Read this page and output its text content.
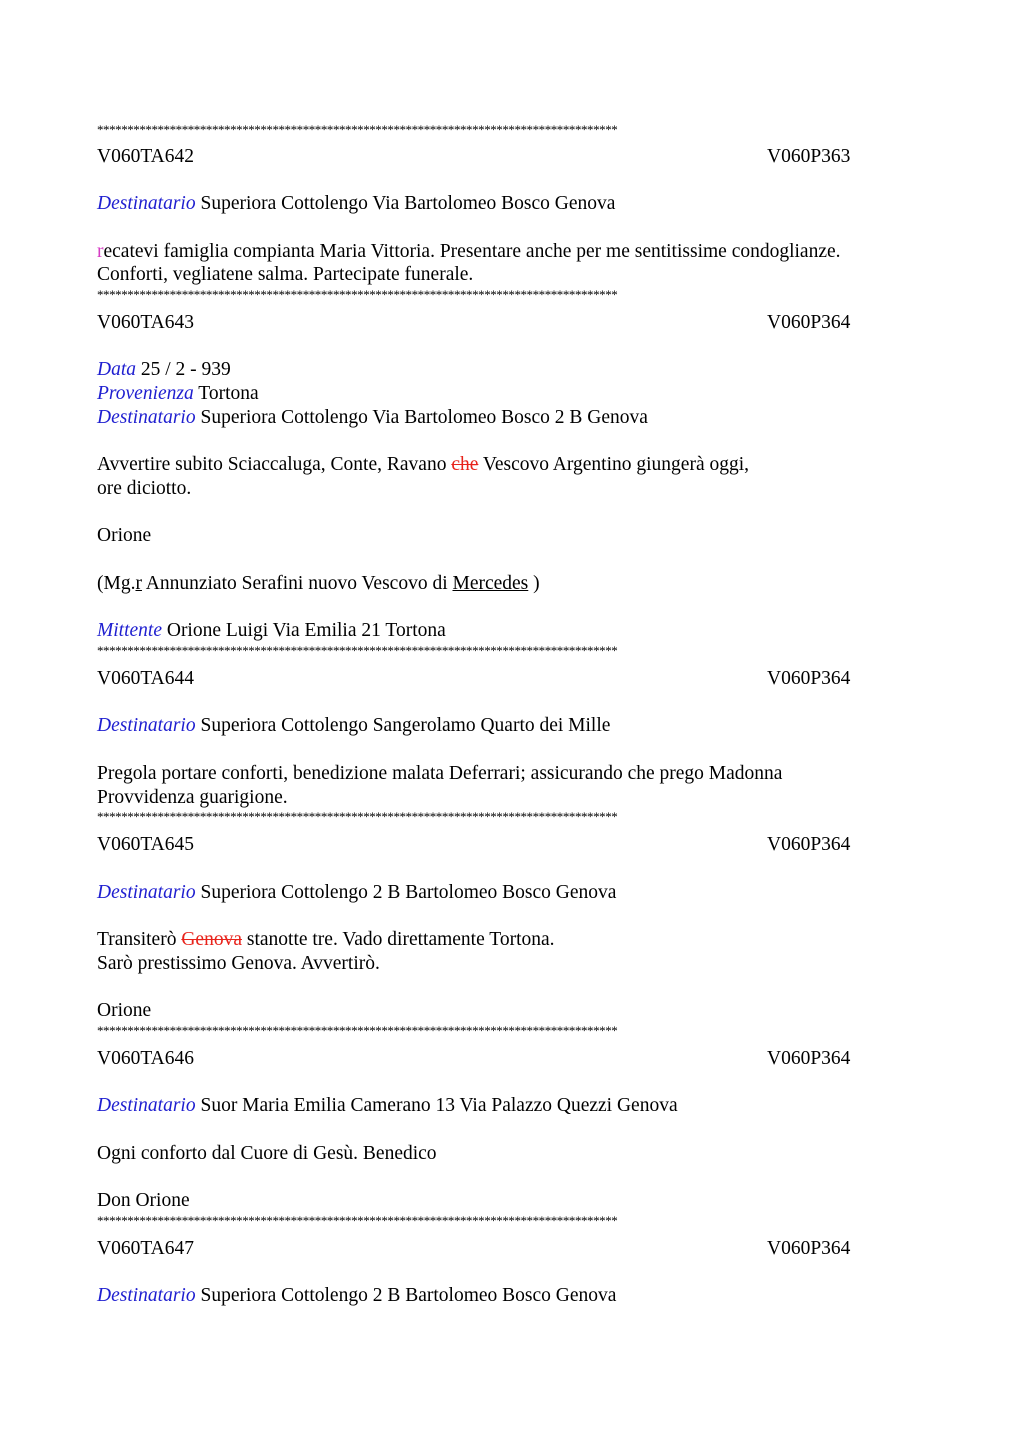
**************************************************************************************
V060TA642	V060P363
Destinatario Superiora Cottolengo Via Bartolomeo Bosco Genova
recatevi famiglia compianta Maria Vittoria. Presentare anche per me sentitissime condoglianze.
Conforti, vegliatene salma. Partecipate funerale.
**************************************************************************************
V060TA643	V060P364
Data 25 / 2 - 939
Provenienza Tortona
Destinatario Superiora Cottolengo Via Bartolomeo Bosco 2 B Genova
Avvertire subito Sciaccaluga, Conte, Ravano che Vescovo Argentino giungerà oggi,
ore diciotto.
Orione
(Mg.r Annunziato Serafini nuovo Vescovo di Mercedes )
Mittente Orione Luigi Via Emilia 21 Tortona
**************************************************************************************
V060TA644	V060P364
Destinatario Superiora Cottolengo Sangerolamo Quarto dei Mille
Pregola portare conforti, benedizione malata Deferrari; assicurando che prego Madonna
Provvidenza guarigione.
**************************************************************************************
V060TA645	V060P364
Destinatario Superiora Cottolengo 2 B Bartolomeo Bosco Genova
Transiterò Genova stanotte tre. Vado direttamente Tortona.
Sarò prestissimo Genova. Avvertirò.
Orione
**************************************************************************************
V060TA646	V060P364
Destinatario Suor Maria Emilia Camerano 13 Via Palazzo Quezzi Genova
Ogni conforto dal Cuore di Gesù. Benedico
Don Orione
**************************************************************************************
V060TA647	V060P364
Destinatario Superiora Cottolengo 2 B Bartolomeo Bosco Genova
